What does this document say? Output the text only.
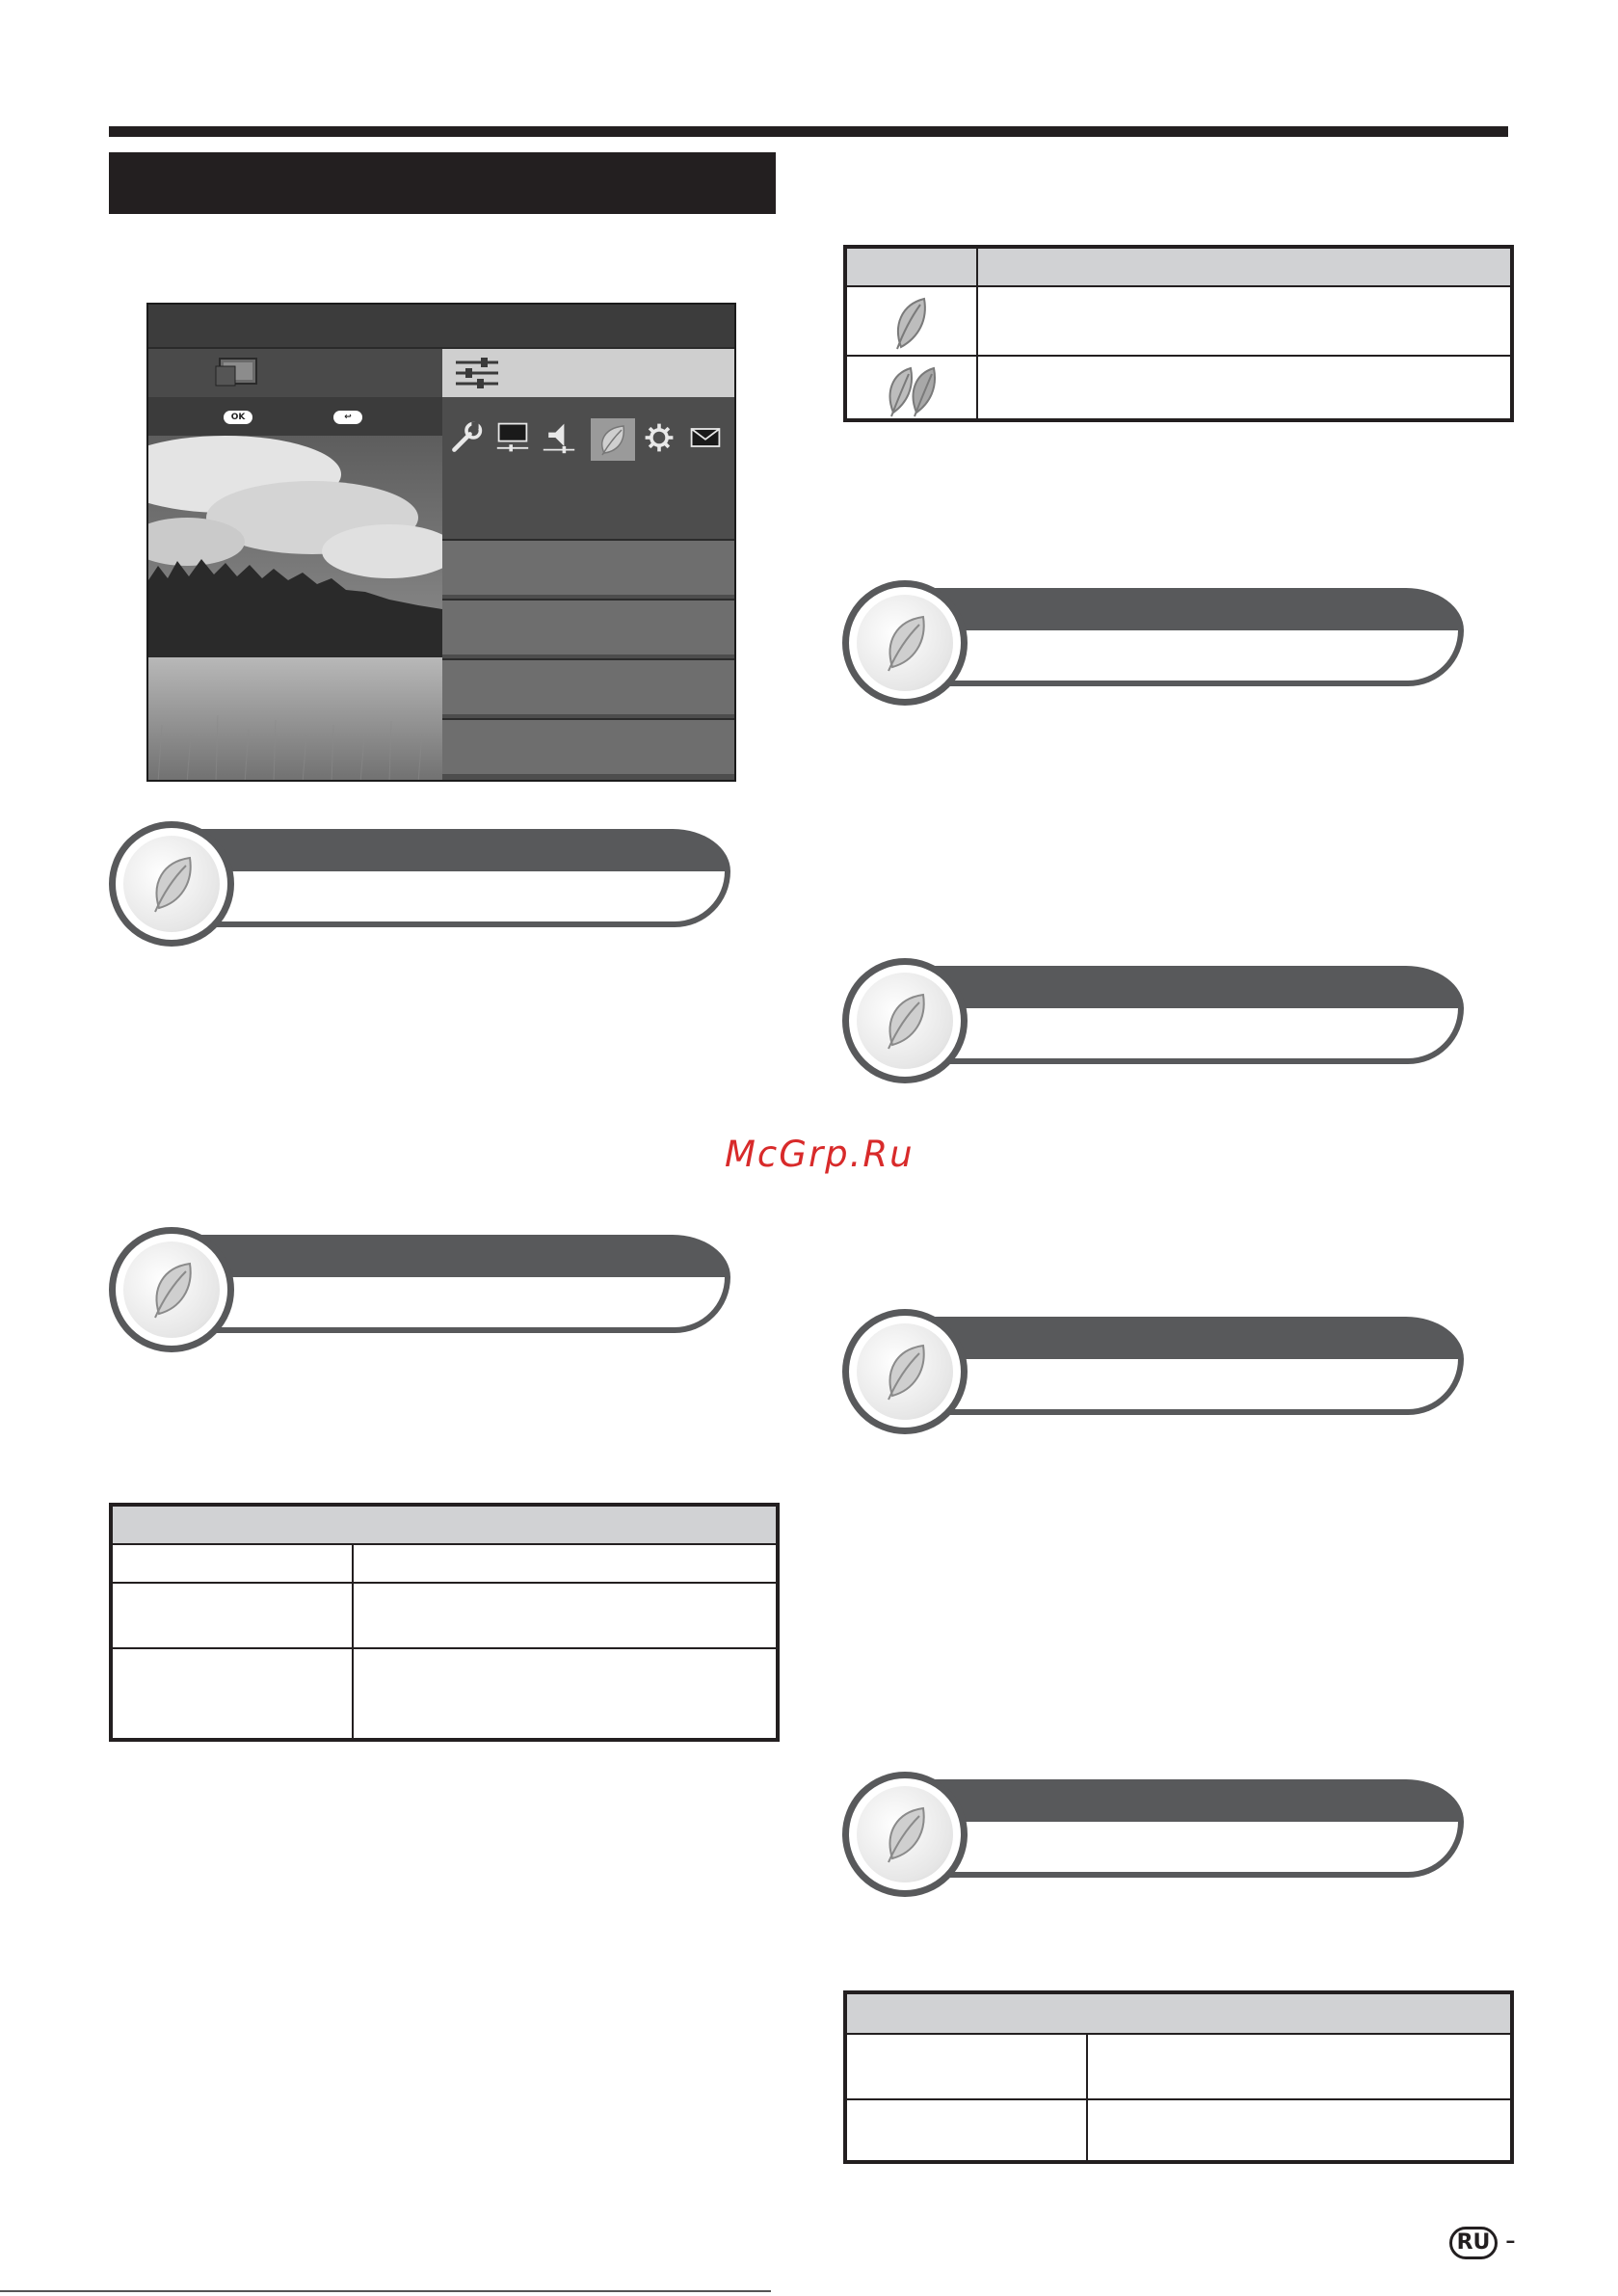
OK	↩
McGrp.Ru
RU -
